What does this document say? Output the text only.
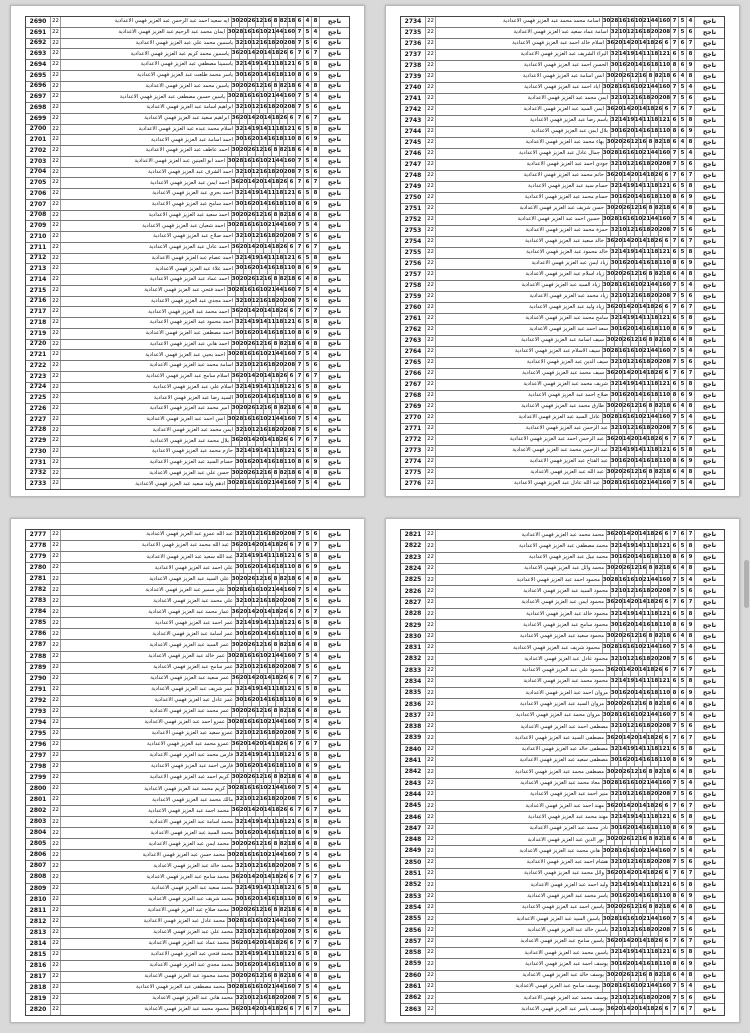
ناجح
8
4
6
18
82
8
16
12
26
20
30
ايه سعيد احمد عبد الرحمن عبد العزيز فهمي الاعدادية
22
2690
ناجح
4
5
7
160
44
21
10
16
16
28
30
ايمان محمد عبد الرحيم عبد العزيز فهمي الاعدادية
22
2691
ناجح
6
5
7
208
20
18
16
12
10
32
ياسمين محمد علي عبد العزيز فهمي الاعدادية
22
2692
ناجح
7
6
7
6
26
18
14
20
14
20
36
ياسمين محمد كريم عبد العزيز فهمي الاعدادية
22
2693
ناجح
8
5
6
121
18
11
14
19
14
32
ياسمينا مصطفي عبد العزيز فهمي الاعدادية
22
2694
ناجح
9
6
8
110
18
16
14
20
16
30
ياسر محمد طلعت عبد العزيز فهمي الاعدادية
22
2695
ناجح
8
4
6
18
82
8
16
12
26
20
30
ياسين محمد عبد العزيز فهمي الاعدادية
22
2696
ناجح
4
5
7
160
44
21
10
16
16
28
30
ياسين حسين مصطفى عبد العزيز فهمي الاعدادية
22
2697
ناجح
6
5
7
208
20
18
16
12
10
32
ابراهيم اسامة عبد العزيز فهمي الاعدادية
22
2698
ناجح
7
6
7
6
26
18
14
20
14
20
36
ابراهيم سعيد عبد العزيز فهمي الاعدادية
22
2699
ناجح
8
5
6
121
18
11
14
19
14
32
اسلام محمد عبده عبد العزيز فهمي الاعدادية
22
2700
ناجح
9
6
8
110
18
16
14
20
16
30
احمد اسامة عبد العزيز فهمي الاعدادية
22
2701
ناجح
8
4
6
18
82
8
16
12
26
20
30
احمد عاطف عبد العزيز فهمي الاعدادية
22
2702
ناجح
4
5
7
160
44
21
10
16
16
28
30
احمد ابو العينين عبد العزيز فهمي الاعدادية
22
2703
ناجح
6
5
7
208
20
18
16
12
10
32
احمد الشرف عبد العزيز فهمي الاعدادية
22
2704
ناجح
7
6
7
6
26
18
14
20
14
20
36
احمد ايمن عبد العزيز فهمي الاعدادية
22
2705
ناجح
8
5
6
121
18
11
14
19
14
32
احمد بحري عبد العزيز فهمي الاعدادية
22
2706
ناجح
9
6
8
110
18
16
14
20
16
30
احمد سامح عبد العزيز فهمي الاعدادية
22
2707
ناجح
8
4
6
18
82
8
16
12
26
20
30
احمد سعيد عبد العزيز فهمي الاعدادية
22
2708
ناجح
4
5
7
160
44
21
10
16
16
28
30
احمد شعبان عبد العزيز فهمي الاعدادية
22
2709
ناجح
6
5
7
208
20
18
16
12
10
32
احمد صلاح عبد العزيز فهمي الاعدادية
22
2710
ناجح
7
6
7
6
26
18
14
20
14
20
36
احمد عادل عبد العزيز فهمي الاعدادية
22
2711
ناجح
8
5
6
121
18
11
14
19
14
32
احمد عصام عبد العزيز فهمي الاعدادية
22
2712
ناجح
9
6
8
110
18
16
14
20
16
30
احمد علاء عبد العزيز فهمي الاعدادية
22
2713
ناجح
8
4
6
18
82
8
16
12
26
20
30
احمد عماد عبد العزيز فهمي الاعدادية
22
2714
ناجح
4
5
7
160
44
21
10
16
16
28
30
احمد فتحي عبد العزيز فهمي الاعدادية
22
2715
ناجح
6
5
7
208
20
18
16
12
10
32
احمد مجدي عبد العزيز فهمي الاعدادية
22
2716
ناجح
7
6
7
6
26
18
14
20
14
20
36
احمد محمد عبد العزيز فهمي الاعدادية
22
2717
ناجح
8
5
6
121
18
11
14
19
14
32
احمد محمود عبد العزيز فهمي الاعدادية
22
2718
ناجح
9
6
8
110
18
16
14
20
16
30
احمد مصطفى عبد العزيز فهمي الاعدادية
22
2719
ناجح
8
4
6
18
82
8
16
12
26
20
30
احمد هاني عبد العزيز فهمي الاعدادية
22
2720
ناجح
4
5
7
160
44
21
10
16
16
28
30
احمد يحيي عبد العزيز فهمي الاعدادية
22
2721
ناجح
6
5
7
208
20
18
16
12
10
32
اسامة محمد عبد العزيز فهمي الاعدادية
22
2722
ناجح
7
6
7
6
26
18
14
20
14
20
36
اسلام سامح عبد العزيز فهمي الاعدادية
22
2723
ناجح
8
5
6
121
18
11
14
19
14
32
اسلام علي عبد العزيز فهمي الاعدادية
22
2724
ناجح
9
6
8
110
18
16
14
20
16
30
السيد رضا عبد العزيز فهمي الاعدادية
22
2725
ناجح
8
4
6
18
82
8
16
12
26
20
30
امير محمد عبد العزيز فهمي الاعدادية
22
2726
ناجح
4
5
7
160
44
21
10
16
16
28
30
انس احمد عبد العزيز فهمي الاعدادية
22
2727
ناجح
6
5
7
208
20
18
16
12
10
32
ايمن محمد عبد العزيز فهمي الاعدادية
22
2728
ناجح
7
6
7
6
26
18
14
20
14
20
36
بلال محمد عبد العزيز فهمي الاعدادية
22
2729
ناجح
8
5
6
121
18
11
14
19
14
32
حازم محمد عبد العزيز فهمي الاعدادية
22
2730
ناجح
9
6
8
110
18
16
14
20
16
30
حسام السيد عبد العزيز فهمي الاعدادية
22
2731
ناجح
8
4
6
18
82
8
16
12
26
20
30
حسن علي عبد العزيز فهمي الاعدادية
22
2732
ناجح
4
5
7
160
44
21
10
16
16
28
30
ادهم وليد سعيد عبد العزيز فهمي الاعدادية
22
2733
ناجح
4
5
7
160
44
21
10
16
16
28
30
اسامة محمد محمد عبد العزيز فهمي الاعدادية
22
2734
ناجح
6
5
7
208
20
18
16
12
10
32
اسامة عماد سعيد عبد العزيز فهمي الاعدادية
22
2735
ناجح
7
6
7
6
26
18
14
20
14
20
36
اسلام خالد احمد عبد العزيز فهمي الاعدادية
22
2736
ناجح
8
5
6
121
18
11
14
19
14
32
البراء الشريف عبد العزيز فهمي الاعدادية
22
2737
ناجح
9
6
8
110
18
16
14
20
16
30
الحسن احمد عبد العزيز فهمي الاعدادية
22
2738
ناجح
8
4
6
18
82
8
16
12
26
20
30
انس اسامة عبد العزيز فهمي الاعدادية
22
2739
ناجح
4
5
7
160
44
21
10
16
16
28
30
اياد احمد عبد العزيز فهمي الاعدادية
22
2740
ناجح
6
5
7
208
20
18
16
12
10
32
ايمن محمد عبد العزيز فهمي الاعدادية
22
2741
ناجح
7
6
7
6
26
18
14
20
14
20
36
ايمن السيد عبد العزيز فهمي الاعدادية
22
2742
ناجح
8
5
6
121
18
11
14
19
14
32
باسم رضا عبد العزيز فهمي الاعدادية
22
2743
ناجح
9
6
8
110
18
16
14
20
16
30
بلال ايمن عبد العزيز فهمي الاعدادية
22
2744
ناجح
8
4
6
18
82
8
16
12
26
20
30
بهاء محمد عبد العزيز فهمي الاعدادية
22
2745
ناجح
4
5
7
160
44
21
10
16
16
28
30
جمال عادل عبد العزيز فهمي الاعدادية
22
2746
ناجح
6
5
7
208
20
18
16
12
10
32
جودي احمد عبد العزيز فهمي الاعدادية
22
2747
ناجح
7
6
7
6
26
18
14
20
14
20
36
حاتم محمد عبد العزيز فهمي الاعدادية
22
2748
ناجح
8
5
6
121
18
11
14
19
14
32
حسام سيد عبد العزيز فهمي الاعدادية
22
2749
ناجح
9
6
8
110
18
16
14
20
16
30
حسام محمد عبد العزيز فهمي الاعدادية
22
2750
ناجح
8
4
6
18
82
8
16
12
26
20
30
حسن شريف عبد العزيز فهمي الاعدادية
22
2751
ناجح
4
5
7
160
44
21
10
16
16
28
30
حسين احمد عبد العزيز فهمي الاعدادية
22
2752
ناجح
6
5
7
208
20
18
16
12
10
32
حمزة محمد عبد العزيز فهمي الاعدادية
22
2753
ناجح
7
6
7
6
26
18
14
20
14
20
36
خالد سعيد عبد العزيز فهمي الاعدادية
22
2754
ناجح
8
5
6
121
18
11
14
19
14
32
خالد محمود عبد العزيز فهمي الاعدادية
22
2755
ناجح
9
6
8
110
18
16
14
20
16
30
زياد ايمن عبد العزيز فهمي الاعدادية
22
2756
ناجح
8
4
6
18
82
8
16
12
26
20
30
زياد اسلام عبد العزيز فهمي الاعدادية
22
2757
ناجح
4
5
7
160
44
21
10
16
16
28
30
زياد السيد عبد العزيز فهمي الاعدادية
22
2758
ناجح
6
5
7
208
20
18
16
12
10
32
زياد محمد عبد العزيز فهمي الاعدادية
22
2759
ناجح
7
6
7
6
26
18
14
20
14
20
36
زياد وليد عبد العزيز فهمي الاعدادية
22
2760
ناجح
8
5
6
121
18
11
14
19
14
32
سامح محمد عبد العزيز فهمي الاعدادية
22
2761
ناجح
9
6
8
110
18
16
14
20
16
30
سعد احمد عبد العزيز فهمي الاعدادية
22
2762
ناجح
8
4
6
18
82
8
16
12
26
20
30
سيف اسامة عبد العزيز فهمي الاعدادية
22
2763
ناجح
4
5
7
160
44
21
10
16
16
28
30
سيف الاسلام عبد العزيز فهمي الاعدادية
22
2764
ناجح
6
5
7
208
20
18
16
12
10
32
سيف الدين عبد العزيز فهمي الاعدادية
22
2765
ناجح
7
6
7
6
26
18
14
20
14
20
36
سيف محمد عبد العزيز فهمي الاعدادية
22
2766
ناجح
8
5
6
121
18
11
14
19
14
32
شريف محمد عبد العزيز فهمي الاعدادية
22
2767
ناجح
9
6
8
110
18
16
14
20
16
30
صلاح احمد عبد العزيز فهمي الاعدادية
22
2768
ناجح
8
4
6
18
82
8
16
12
26
20
30
طارق محمد عبد العزيز فهمي الاعدادية
22
2769
ناجح
4
5
7
160
44
21
10
16
16
28
30
عادل السيد عبد العزيز فهمي الاعدادية
22
2770
ناجح
6
5
7
208
20
18
16
12
10
32
عبد الرحمن عبد العزيز فهمي الاعدادية
22
2771
ناجح
7
6
7
6
26
18
14
20
14
20
36
عبد الرحمن احمد عبد العزيز فهمي الاعدادية
22
2772
ناجح
8
5
6
121
18
11
14
19
14
32
عبد الرحمن محمد عبد العزيز فهمي الاعدادية
22
2773
ناجح
9
6
8
110
18
16
14
20
16
30
عبد الفتاح عبد العزيز فهمي الاعدادية
22
2774
ناجح
8
4
6
18
82
8
16
12
26
20
30
عبد الله عبد العزيز فهمي الاعدادية
22
2775
ناجح
4
5
7
160
44
21
10
16
16
28
30
عبد الله عادل عبد العزيز فهمي الاعدادية
22
2776
ناجح
6
5
7
208
20
18
16
12
10
32
عبد الله عمرو عبد العزيز فهمي الاعدادية
22
2777
ناجح
7
6
7
6
26
18
14
20
14
20
36
عبد الله محمد عبد العزيز فهمي الاعدادية
22
2778
ناجح
8
5
6
121
18
11
14
19
14
32
عبد الله سعيد عبد العزيز فهمي الاعدادية
22
2779
ناجح
9
6
8
110
18
16
14
20
16
30
علي احمد عبد العزيز فهمي الاعدادية
22
2780
ناجح
8
4
6
18
82
8
16
12
26
20
30
علي السيد عبد العزيز فهمي الاعدادية
22
2781
ناجح
4
5
7
160
44
21
10
16
16
28
30
علي سمير عبد العزيز فهمي الاعدادية
22
2782
ناجح
6
5
7
208
20
18
16
12
10
32
علي محمد عبد العزيز فهمي الاعدادية
22
2783
ناجح
7
6
7
6
26
18
14
20
14
20
36
عمار محمد عبد العزيز فهمي الاعدادية
22
2784
ناجح
8
5
6
121
18
11
14
19
14
32
عمر احمد عبد العزيز فهمي الاعدادية
22
2785
ناجح
9
6
8
110
18
16
14
20
16
30
عمر اسامة عبد العزيز فهمي الاعدادية
22
2786
ناجح
8
4
6
18
82
8
16
12
26
20
30
عمر السيد عبد العزيز فهمي الاعدادية
22
2787
ناجح
4
5
7
160
44
21
10
16
16
28
30
عمر خالد عبد العزيز فهمي الاعدادية
22
2788
ناجح
6
5
7
208
20
18
16
12
10
32
عمر سامح عبد العزيز فهمي الاعدادية
22
2789
ناجح
7
6
7
6
26
18
14
20
14
20
36
عمر سعيد عبد العزيز فهمي الاعدادية
22
2790
ناجح
8
5
6
121
18
11
14
19
14
32
عمر شريف عبد العزيز فهمي الاعدادية
22
2791
ناجح
9
6
8
110
18
16
14
20
16
30
عمر عادل عبد العزيز فهمي الاعدادية
22
2792
ناجح
8
4
6
18
82
8
16
12
26
20
30
عمر محمد عبد العزيز فهمي الاعدادية
22
2793
ناجح
4
5
7
160
44
21
10
16
16
28
30
عمرو احمد عبد العزيز فهمي الاعدادية
22
2794
ناجح
6
5
7
208
20
18
16
12
10
32
عمرو سعيد عبد العزيز فهمي الاعدادية
22
2795
ناجح
7
6
7
6
26
18
14
20
14
20
36
عمرو محمد عبد العزيز فهمي الاعدادية
22
2796
ناجح
8
5
6
121
18
11
14
19
14
32
فارس محمد عبد العزيز فهمي الاعدادية
22
2797
ناجح
9
6
8
110
18
16
14
20
16
30
فارس احمد عبد العزيز فهمي الاعدادية
22
2798
ناجح
8
4
6
18
82
8
16
12
26
20
30
كريم احمد عبد العزيز فهمي الاعدادية
22
2799
ناجح
4
5
7
160
44
21
10
16
16
28
30
كريم محمد عبد العزيز فهمي الاعدادية
22
2800
ناجح
6
5
7
208
20
18
16
12
10
32
مالك محمد عبد العزيز فهمي الاعدادية
22
2801
ناجح
7
6
7
6
26
18
14
20
14
20
36
محمد احمد عبد العزيز فهمي الاعدادية
22
2802
ناجح
8
5
6
121
18
11
14
19
14
32
محمد اسامة عبد العزيز فهمي الاعدادية
22
2803
ناجح
9
6
8
110
18
16
14
20
16
30
محمد السيد عبد العزيز فهمي الاعدادية
22
2804
ناجح
8
4
6
18
82
8
16
12
26
20
30
محمد ايمن عبد العزيز فهمي الاعدادية
22
2805
ناجح
4
5
7
160
44
21
10
16
16
28
30
محمد حسن عبد العزيز فهمي الاعدادية
22
2806
ناجح
6
5
7
208
20
18
16
12
10
32
محمد خالد عبد العزيز فهمي الاعدادية
22
2807
ناجح
7
6
7
6
26
18
14
20
14
20
36
محمد سامح عبد العزيز فهمي الاعدادية
22
2808
ناجح
8
5
6
121
18
11
14
19
14
32
محمد سعيد عبد العزيز فهمي الاعدادية
22
2809
ناجح
9
6
8
110
18
16
14
20
16
30
محمد شريف عبد العزيز فهمي الاعدادية
22
2810
ناجح
8
4
6
18
82
8
16
12
26
20
30
محمد صلاح عبد العزيز فهمي الاعدادية
22
2811
ناجح
4
5
7
160
44
21
10
16
16
28
30
محمد عادل عبد العزيز فهمي الاعدادية
22
2812
ناجح
6
5
7
208
20
18
16
12
10
32
محمد علي عبد العزيز فهمي الاعدادية
22
2813
ناجح
7
6
7
6
26
18
14
20
14
20
36
محمد عماد عبد العزيز فهمي الاعدادية
22
2814
ناجح
8
5
6
121
18
11
14
19
14
32
محمد فتحي عبد العزيز فهمي الاعدادية
22
2815
ناجح
9
6
8
110
18
16
14
20
16
30
محمد مجدي عبد العزيز فهمي الاعدادية
22
2816
ناجح
8
4
6
18
82
8
16
12
26
20
30
محمد محمود عبد العزيز فهمي الاعدادية
22
2817
ناجح
4
5
7
160
44
21
10
16
16
28
30
محمد مصطفى عبد العزيز فهمي الاعدادية
22
2818
ناجح
6
5
7
208
20
18
16
12
10
32
محمد هاني عبد العزيز فهمي الاعدادية
22
2819
ناجح
7
6
7
6
26
18
14
20
14
20
36
محمود محمد عبد العزيز فهمي الاعدادية
22
2820
ناجح
7
6
7
6
26
18
14
20
14
20
36
محمد محمد عبد العزيز فهمي الاعدادية
22
2821
ناجح
8
5
6
121
18
11
14
19
14
32
محمد مصطفى عبد العزيز فهمي الاعدادية
22
2822
ناجح
9
6
8
110
18
16
14
20
16
30
محمد نبيل عبد العزيز فهمي الاعدادية
22
2823
ناجح
8
4
6
18
82
8
16
12
26
20
30
محمد وائل عبد العزيز فهمي الاعدادية
22
2824
ناجح
4
5
7
160
44
21
10
16
16
28
30
محمود احمد عبد العزيز فهمي الاعدادية
22
2825
ناجح
6
5
7
208
20
18
16
12
10
32
محمود السيد عبد العزيز فهمي الاعدادية
22
2826
ناجح
7
6
7
6
26
18
14
20
14
20
36
محمود ايمن عبد العزيز فهمي الاعدادية
22
2827
ناجح
8
5
6
121
18
11
14
19
14
32
محمود خالد عبد العزيز فهمي الاعدادية
22
2828
ناجح
9
6
8
110
18
16
14
20
16
30
محمود سامح عبد العزيز فهمي الاعدادية
22
2829
ناجح
8
4
6
18
82
8
16
12
26
20
30
محمود سعيد عبد العزيز فهمي الاعدادية
22
2830
ناجح
4
5
7
160
44
21
10
16
16
28
30
محمود شريف عبد العزيز فهمي الاعدادية
22
2831
ناجح
6
5
7
208
20
18
16
12
10
32
محمود عادل عبد العزيز فهمي الاعدادية
22
2832
ناجح
7
6
7
6
26
18
14
20
14
20
36
محمود علي عبد العزيز فهمي الاعدادية
22
2833
ناجح
8
5
6
121
18
11
14
19
14
32
محمود محمد عبد العزيز فهمي الاعدادية
22
2834
ناجح
9
6
8
110
18
16
14
20
16
30
مروان احمد عبد العزيز فهمي الاعدادية
22
2835
ناجح
8
4
6
18
82
8
16
12
26
20
30
مروان السيد عبد العزيز فهمي الاعدادية
22
2836
ناجح
4
5
7
160
44
21
10
16
16
28
30
مروان محمد عبد العزيز فهمي الاعدادية
22
2837
ناجح
6
5
7
208
20
18
16
12
10
32
مصطفى احمد عبد العزيز فهمي الاعدادية
22
2838
ناجح
7
6
7
6
26
18
14
20
14
20
36
مصطفى السيد عبد العزيز فهمي الاعدادية
22
2839
ناجح
8
5
6
121
18
11
14
19
14
32
مصطفى خالد عبد العزيز فهمي الاعدادية
22
2840
ناجح
9
6
8
110
18
16
14
20
16
30
مصطفى سعيد عبد العزيز فهمي الاعدادية
22
2841
ناجح
8
4
6
18
82
8
16
12
26
20
30
مصطفى محمد عبد العزيز فهمي الاعدادية
22
2842
ناجح
4
5
7
160
44
21
10
16
16
28
30
معاذ محمد عبد العزيز فهمي الاعدادية
22
2843
ناجح
6
5
7
208
20
18
16
12
10
32
منير احمد عبد العزيز فهمي الاعدادية
22
2844
ناجح
7
6
7
6
26
18
14
20
14
20
36
مهند احمد عبد العزيز فهمي الاعدادية
22
2845
ناجح
8
5
6
121
18
11
14
19
14
32
مهند محمد عبد العزيز فهمي الاعدادية
22
2846
ناجح
9
6
8
110
18
16
14
20
16
30
نادر محمد عبد العزيز فهمي الاعدادية
22
2847
ناجح
8
4
6
18
82
8
16
12
26
20
30
نور الدين عبد العزيز فهمي الاعدادية
22
2848
ناجح
4
5
7
160
44
21
10
16
16
28
30
هاني محمد عبد العزيز فهمي الاعدادية
22
2849
ناجح
6
5
7
208
20
18
16
12
10
32
هشام احمد عبد العزيز فهمي الاعدادية
22
2850
ناجح
7
6
7
6
26
18
14
20
14
20
36
وائل محمد عبد العزيز فهمي الاعدادية
22
2851
ناجح
8
5
6
121
18
11
14
19
14
32
وليد احمد عبد العزيز فهمي الاعدادية
22
2852
ناجح
9
6
8
110
18
16
14
20
16
30
ياسر محمد عبد العزيز فهمي الاعدادية
22
2853
ناجح
8
4
6
18
82
8
16
12
26
20
30
ياسين احمد عبد العزيز فهمي الاعدادية
22
2854
ناجح
4
5
7
160
44
21
10
16
16
28
30
ياسين السيد عبد العزيز فهمي الاعدادية
22
2855
ناجح
6
5
7
208
20
18
16
12
10
32
ياسين خالد عبد العزيز فهمي الاعدادية
22
2856
ناجح
7
6
7
6
26
18
14
20
14
20
36
ياسين سامح عبد العزيز فهمي الاعدادية
22
2857
ناجح
8
5
6
121
18
11
14
19
14
32
ياسين محمد عبد العزيز فهمي الاعدادية
22
2858
ناجح
9
6
8
110
18
16
14
20
16
30
يوسف احمد عبد العزيز فهمي الاعدادية
22
2859
ناجح
8
4
6
18
82
8
16
12
26
20
30
يوسف خالد عبد العزيز فهمي الاعدادية
22
2860
ناجح
4
5
7
160
44
21
10
16
16
28
30
يوسف سامح عبد العزيز فهمي الاعدادية
22
2861
ناجح
6
5
7
208
20
18
16
12
10
32
يوسف محمد عبد العزيز فهمي الاعدادية
22
2862
ناجح
7
6
7
6
26
18
14
20
14
20
36
يوسف ياسر عبد العزيز فهمي الاعدادية
22
2863
